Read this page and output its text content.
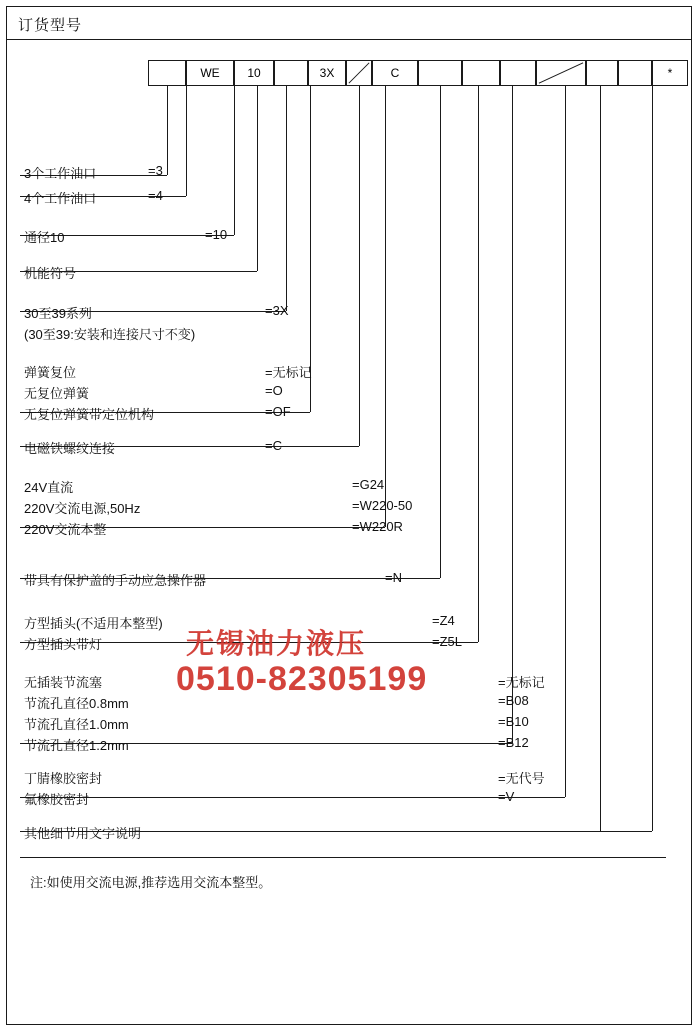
订货型号
WE 10	3X	C	*
3个工作油口	=3
4个工作油口	=4
通径10	=10
机能符号
30至39系列	=3X
(30至39:安装和连接尺寸不变)
弹簧复位	=无标记
无复位弹簧	=O
无复位弹簧带定位机构	=OF
电磁铁螺纹连接	=C
24V直流	=G24
220V交流电源,50Hz	=W220-50
220V交流本整	=W220R
带具有保护盖的手动应急操作器	=N
方型插头(不适用本整型)	=Z4
方型插头带灯	=Z5L
无插装节流塞	=无标记
节流孔直径0.8mm	=B08
节流孔直径1.0mm	=B10
节流孔直径1.2mm	=B12
丁腈橡胶密封	=无代号
氟橡胶密封	=V
其他细节用文字说明
注:如使用交流电源,推荐选用交流本整型。
无锡油力液压
0510-82305199
